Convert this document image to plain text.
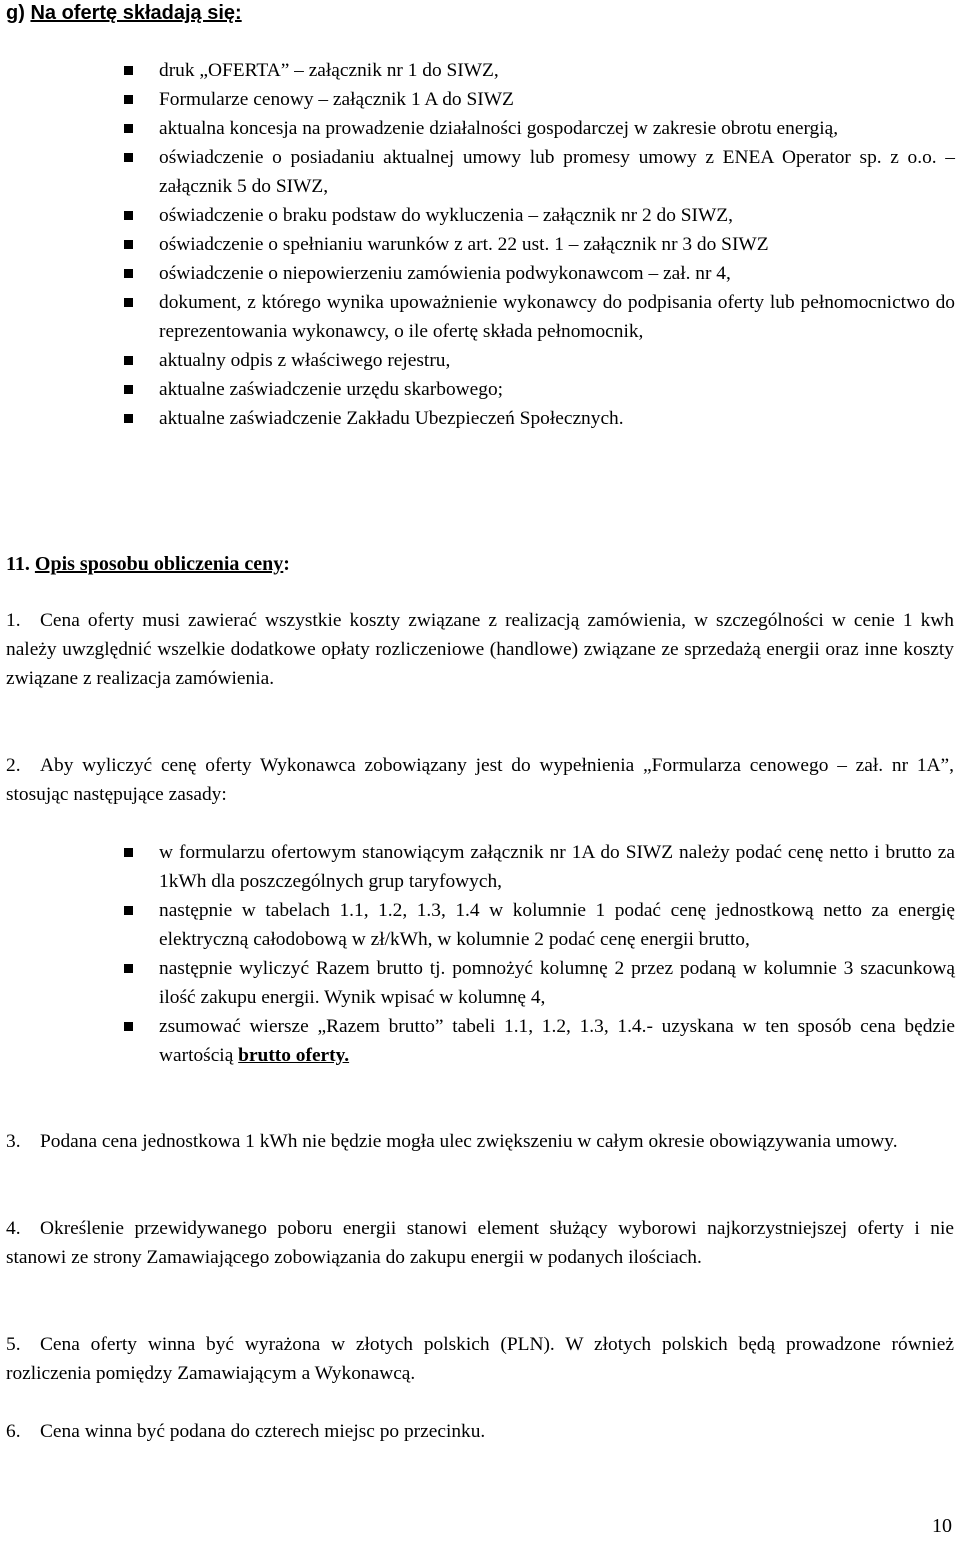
g) Na ofertę składają się:
druk „OFERTA” – załącznik nr 1 do SIWZ,
Formularze cenowy – załącznik 1 A do SIWZ
aktualna koncesja na prowadzenie działalności gospodarczej w zakresie obrotu energią,
oświadczenie o posiadaniu aktualnej umowy lub promesy umowy z ENEA Operator sp. z o.o. – załącznik 5 do SIWZ,
oświadczenie o braku podstaw do wykluczenia – załącznik nr 2 do SIWZ,
oświadczenie o spełnianiu warunków z art. 22 ust. 1 – załącznik nr 3 do SIWZ
oświadczenie o niepowierzeniu zamówienia podwykonawcom – zał. nr 4,
dokument, z którego wynika upoważnienie wykonawcy do podpisania oferty lub pełnomocnictwo do reprezentowania wykonawcy, o ile ofertę składa pełnomocnik,
aktualny odpis z właściwego rejestru,
aktualne zaświadczenie urzędu skarbowego;
aktualne zaświadczenie Zakładu Ubezpieczeń Społecznych.
11. Opis sposobu obliczenia ceny:
1.	Cena oferty musi zawierać wszystkie koszty związane z realizacją zamówienia, w szczególności w cenie 1 kwh należy uwzględnić wszelkie dodatkowe opłaty rozliczeniowe (handlowe) związane ze sprzedażą energii oraz inne koszty związane z realizacja zamówienia.
2.	Aby wyliczyć cenę oferty Wykonawca zobowiązany jest do wypełnienia „Formularza cenowego – zał. nr 1A”, stosując następujące zasady:
w formularzu ofertowym stanowiącym załącznik nr 1A do SIWZ należy podać cenę netto i brutto za 1kWh dla poszczególnych grup taryfowych,
następnie w tabelach 1.1, 1.2, 1.3, 1.4 w kolumnie 1 podać cenę jednostkową netto za energię elektryczną całodobową w zł/kWh, w kolumnie 2 podać cenę energii brutto,
następnie wyliczyć Razem brutto tj. pomnożyć kolumnę 2 przez podaną w kolumnie 3 szacunkową ilość zakupu energii. Wynik wpisać w kolumnę 4,
zsumować wiersze „Razem brutto” tabeli 1.1, 1.2, 1.3, 1.4.- uzyskana w ten sposób cena będzie wartością brutto oferty.
3.	Podana cena jednostkowa 1 kWh nie będzie mogła ulec zwiększeniu w całym okresie obowiązywania umowy.
4.	Określenie przewidywanego poboru energii stanowi element służący wyborowi najkorzystniejszej oferty i nie stanowi ze strony Zamawiającego zobowiązania do zakupu energii w podanych ilościach.
5.	Cena oferty winna być wyrażona w złotych polskich (PLN). W złotych polskich będą prowadzone również rozliczenia pomiędzy Zamawiającym a Wykonawcą.
6.	Cena winna być podana do czterech miejsc po przecinku.
10
